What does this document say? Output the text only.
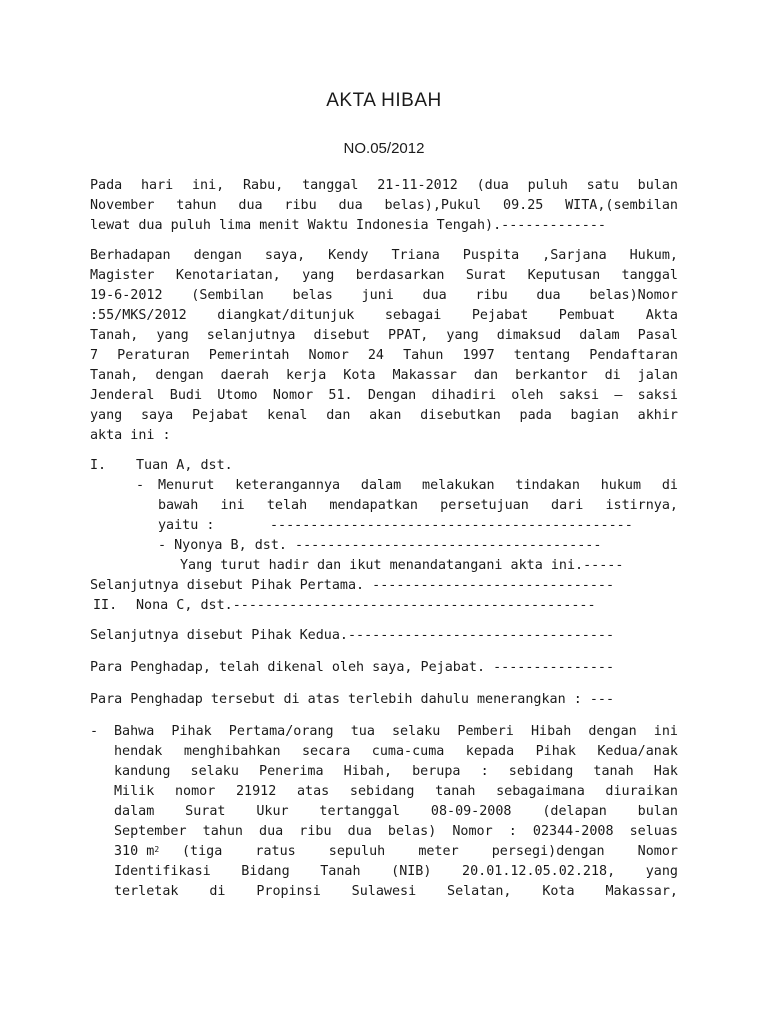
AKTA HIBAH
NO.05/2012
Pada hari ini, Rabu, tanggal 21-11-2012 (dua puluh satu bulan
November tahun dua ribu dua belas),Pukul 09.25 WITA,(sembilan
lewat dua puluh lima menit Waktu Indonesia Tengah).-------------
Berhadapan dengan saya, Kendy Triana Puspita ,Sarjana Hukum,
Magister Kenotariatan, yang berdasarkan Surat Keputusan tanggal
19-6-2012 (Sembilan belas juni dua ribu dua belas)Nomor
:55/MKS/2012 diangkat/ditunjuk sebagai Pejabat Pembuat Akta
Tanah, yang selanjutnya disebut PPAT, yang dimaksud dalam Pasal
7 Peraturan Pemerintah Nomor 24 Tahun 1997 tentang Pendaftaran
Tanah, dengan daerah kerja Kota Makassar dan berkantor di jalan
Jenderal Budi Utomo Nomor 51. Dengan dihadiri oleh saksi – saksi
yang saya Pejabat kenal dan akan disebutkan pada bagian akhir
akta ini :
I. Tuan A, dst.
- Menurut keterangannya dalam melakukan tindakan hukum di
bawah ini telah mendapatkan persetujuan dari istirnya,
yaitu :	---------------------------------------------
- Nyonya B, dst. --------------------------------------
Yang turut hadir dan ikut menandatangani akta ini.-----
Selanjutnya disebut Pihak Pertama. ------------------------------
II. Nona C, dst.---------------------------------------------
Selanjutnya disebut Pihak Kedua.---------------------------------
Para Penghadap, telah dikenal oleh saya, Pejabat. ---------------
Para Penghadap tersebut di atas terlebih dahulu menerangkan : ---
- Bahwa Pihak Pertama/orang tua selaku Pemberi Hibah dengan ini
hendak menghibahkan secara cuma-cuma kepada Pihak Kedua/anak
kandung selaku Penerima Hibah, berupa : sebidang tanah Hak
Milik nomor 21912 atas sebidang tanah sebagaimana diuraikan
dalam Surat Ukur tertanggal 08-09-2008 (delapan bulan
September tahun dua ribu dua belas) Nomor : 02344-2008 seluas
310 $m^2$ (tiga ratus sepuluh meter persegi)dengan Nomor
Identifikasi Bidang Tanah (NIB) 20.01.12.05.02.218, yang
terletak di Propinsi Sulawesi Selatan, Kota Makassar,
